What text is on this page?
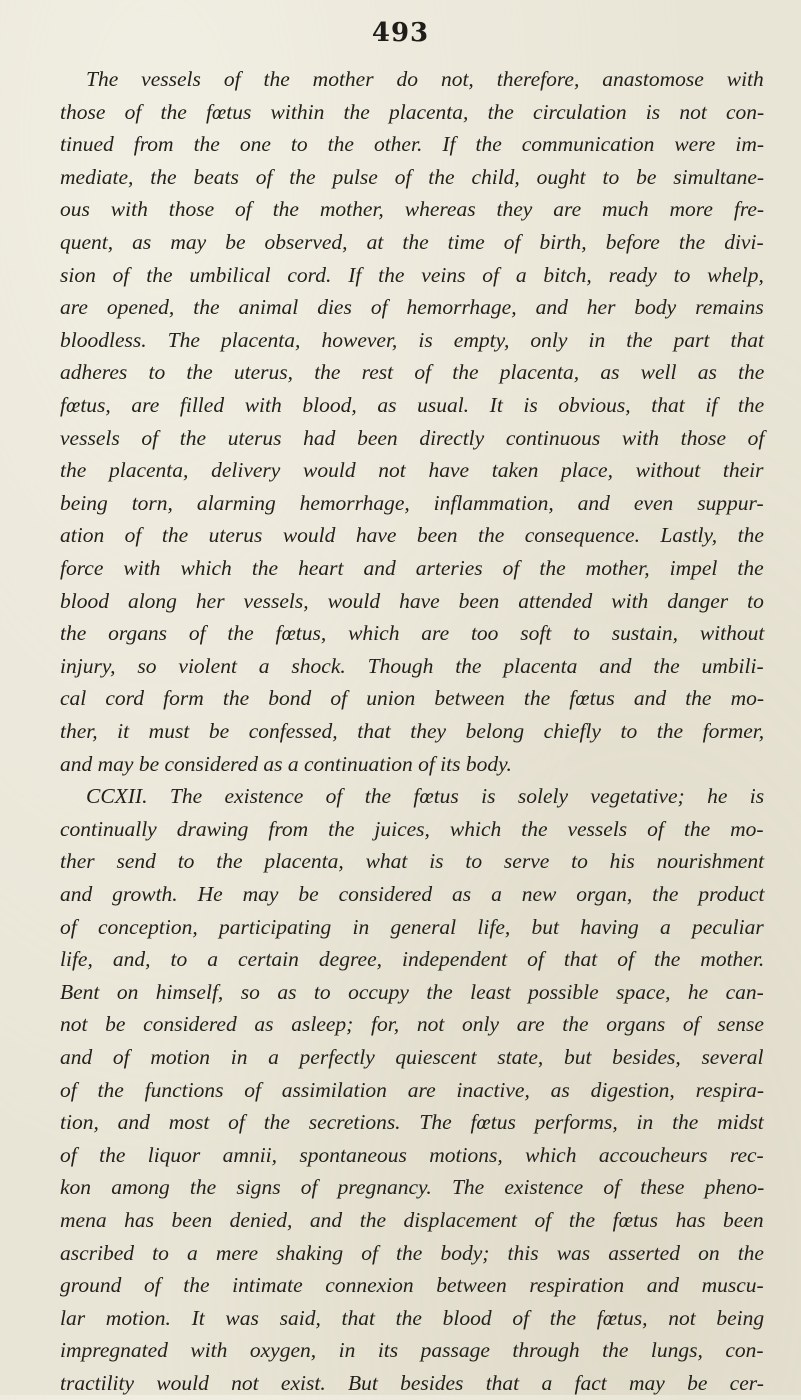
493
The vessels of the mother do not, therefore, anastomose with
those of the fœtus within the placenta, the circulation is not con-
tinued from the one to the other. If the communication were im-
mediate, the beats of the pulse of the child, ought to be simultane-
ous with those of the mother, whereas they are much more fre-
quent, as may be observed, at the time of birth, before the divi-
sion of the umbilical cord. If the veins of a bitch, ready to whelp,
are opened, the animal dies of hemorrhage, and her body remains
bloodless. The placenta, however, is empty, only in the part that
adheres to the uterus, the rest of the placenta, as well as the
fœtus, are filled with blood, as usual. It is obvious, that if the
vessels of the uterus had been directly continuous with those of
the placenta, delivery would not have taken place, without their
being torn, alarming hemorrhage, inflammation, and even suppur-
ation of the uterus would have been the consequence. Lastly, the
force with which the heart and arteries of the mother, impel the
blood along her vessels, would have been attended with danger to
the organs of the fœtus, which are too soft to sustain, without
injury, so violent a shock. Though the placenta and the umbili-
cal cord form the bond of union between the fœtus and the mo-
ther, it must be confessed, that they belong chiefly to the former,
and may be considered as a continuation of its body.
CCXII. The existence of the fœtus is solely vegetative; he is
continually drawing from the juices, which the vessels of the mo-
ther send to the placenta, what is to serve to his nourishment
and growth. He may be considered as a new organ, the product
of conception, participating in general life, but having a peculiar
life, and, to a certain degree, independent of that of the mother.
Bent on himself, so as to occupy the least possible space, he can-
not be considered as asleep; for, not only are the organs of sense
and of motion in a perfectly quiescent state, but besides, several
of the functions of assimilation are inactive, as digestion, respira-
tion, and most of the secretions. The fœtus performs, in the midst
of the liquor amnii, spontaneous motions, which accoucheurs rec-
kon among the signs of pregnancy. The existence of these pheno-
mena has been denied, and the displacement of the fœtus has been
ascribed to a mere shaking of the body; this was asserted on the
ground of the intimate connexion between respiration and muscu-
lar motion. It was said, that the blood of the fœtus, not being
impregnated with oxygen, in its passage through the lungs, con-
tractility would not exist. But besides that a fact may be cer-
